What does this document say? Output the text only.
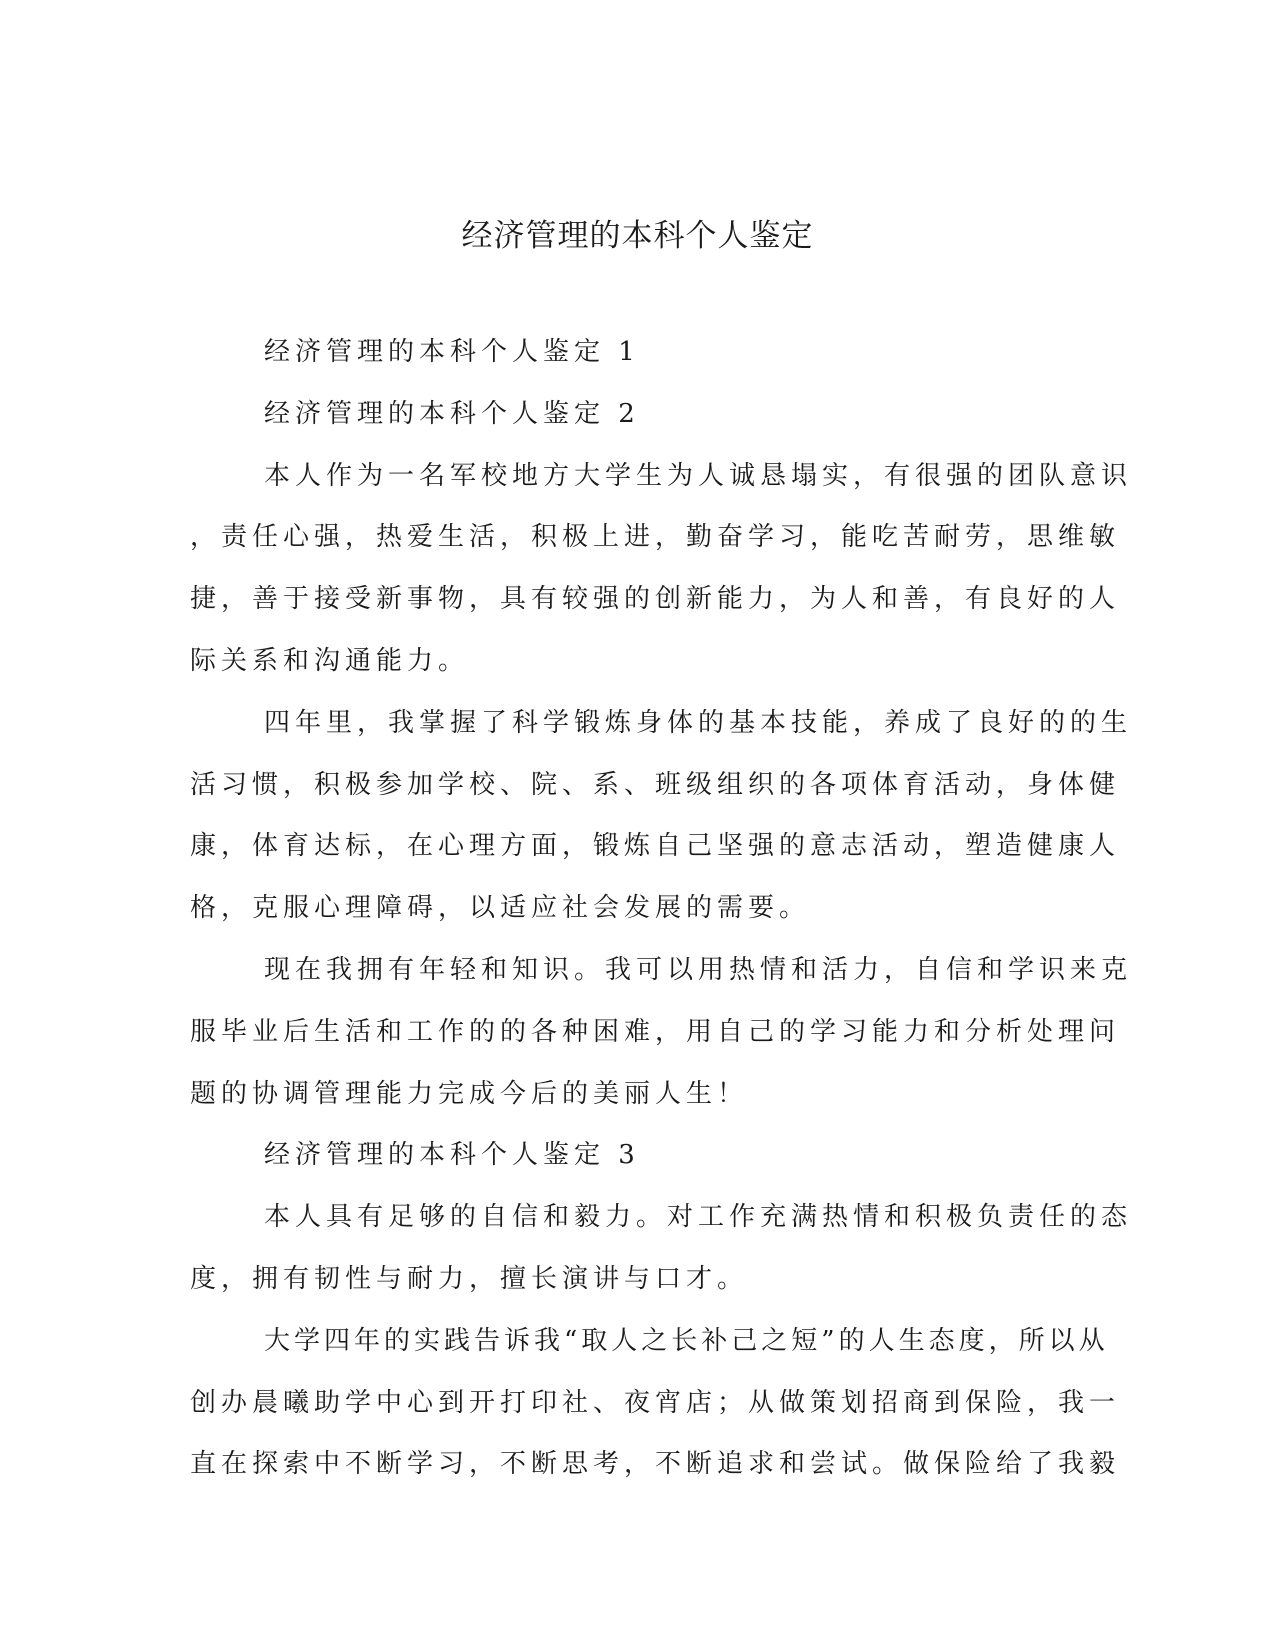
经济管理的本科个人鉴定
经济管理的本科个人鉴定 1
经济管理的本科个人鉴定 2
本人作为一名军校地方大学生为人诚恳塌实，有很强的团队意识
，责任心强，热爱生活，积极上进，勤奋学习，能吃苦耐劳，思维敏
捷，善于接受新事物，具有较强的创新能力，为人和善，有良好的人
际关系和沟通能力。
四年里，我掌握了科学锻炼身体的基本技能，养成了良好的的生
活习惯，积极参加学校、院、系、班级组织的各项体育活动，身体健
康，体育达标，在心理方面，锻炼自己坚强的意志活动，塑造健康人
格，克服心理障碍，以适应社会发展的需要。
现在我拥有年轻和知识。我可以用热情和活力，自信和学识来克
服毕业后生活和工作的的各种困难，用自己的学习能力和分析处理问
题的协调管理能力完成今后的美丽人生！
经济管理的本科个人鉴定 3
本人具有足够的自信和毅力。对工作充满热情和积极负责任的态
度，拥有韧性与耐力，擅长演讲与口才。
大学四年的实践告诉我“取人之长补己之短”的人生态度，所以从
创办晨曦助学中心到开打印社、夜宵店；从做策划招商到保险，我一
直在探索中不断学习，不断思考，不断追求和尝试。做保险给了我毅
